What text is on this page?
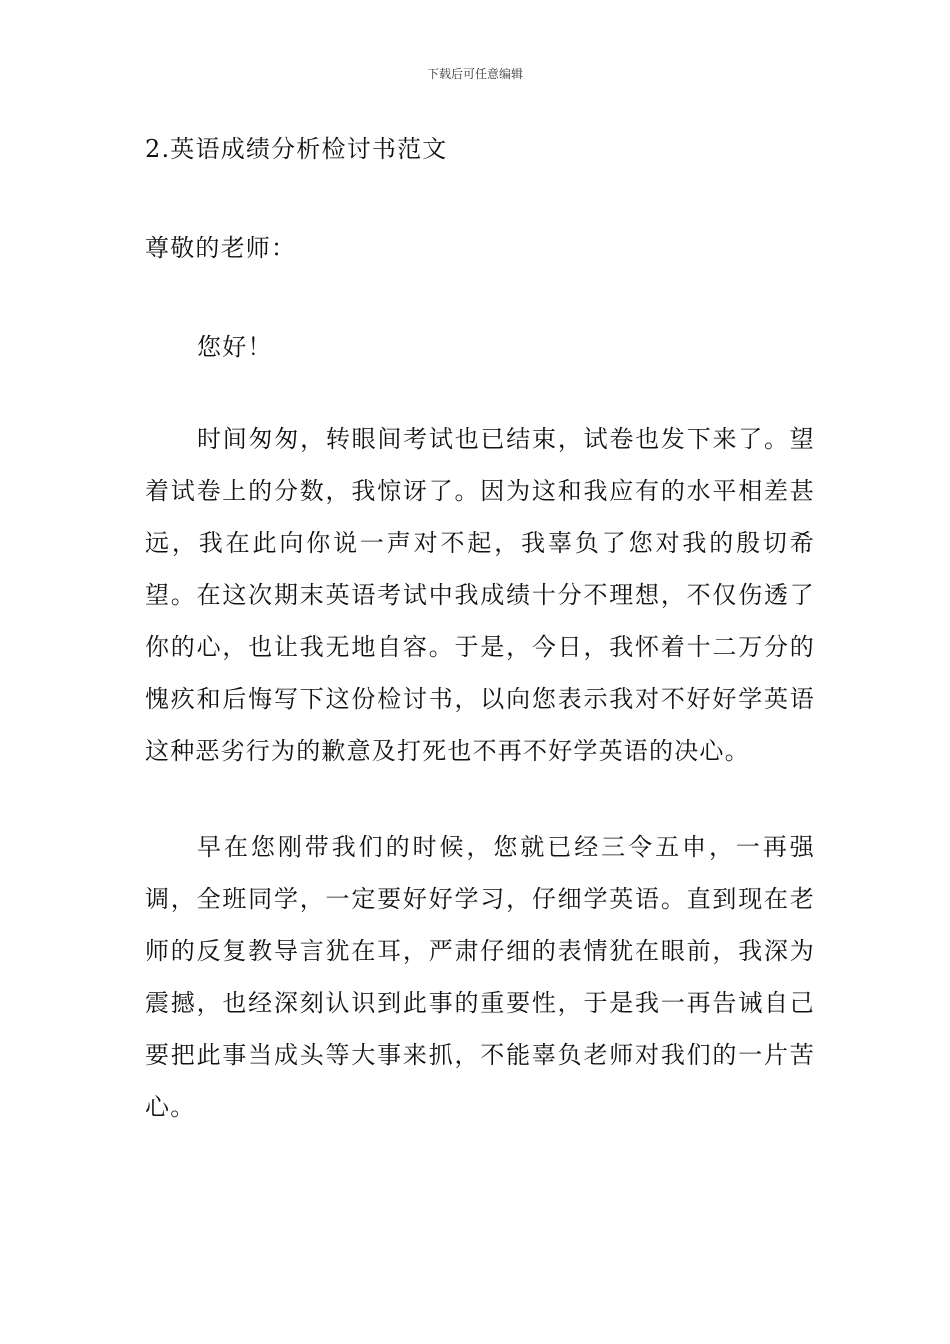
下载后可任意编辑
2.英语成绩分析检讨书范文

尊敬的老师：

您好！

时间匆匆，转眼间考试也已结束，试卷也发下来了。望着试卷上的分数，我惊讶了。因为这和我应有的水平相差甚远，我在此向你说一声对不起，我辜负了您对我的殷切希望。在这次期末英语考试中我成绩十分不理想，不仅伤透了你的心，也让我无地自容。于是，今日，我怀着十二万分的愧疚和后悔写下这份检讨书，以向您表示我对不好好学英语这种恶劣行为的歉意及打死也不再不好学英语的决心。

早在您刚带我们的时候，您就已经三令五申，一再强调，全班同学，一定要好好学习，仔细学英语。直到现在老师的反复教导言犹在耳，严肃仔细的表情犹在眼前，我深为震撼，也经深刻认识到此事的重要性，于是我一再告诫自己要把此事当成头等大事来抓，不能辜负老师对我们的一片苦心。
